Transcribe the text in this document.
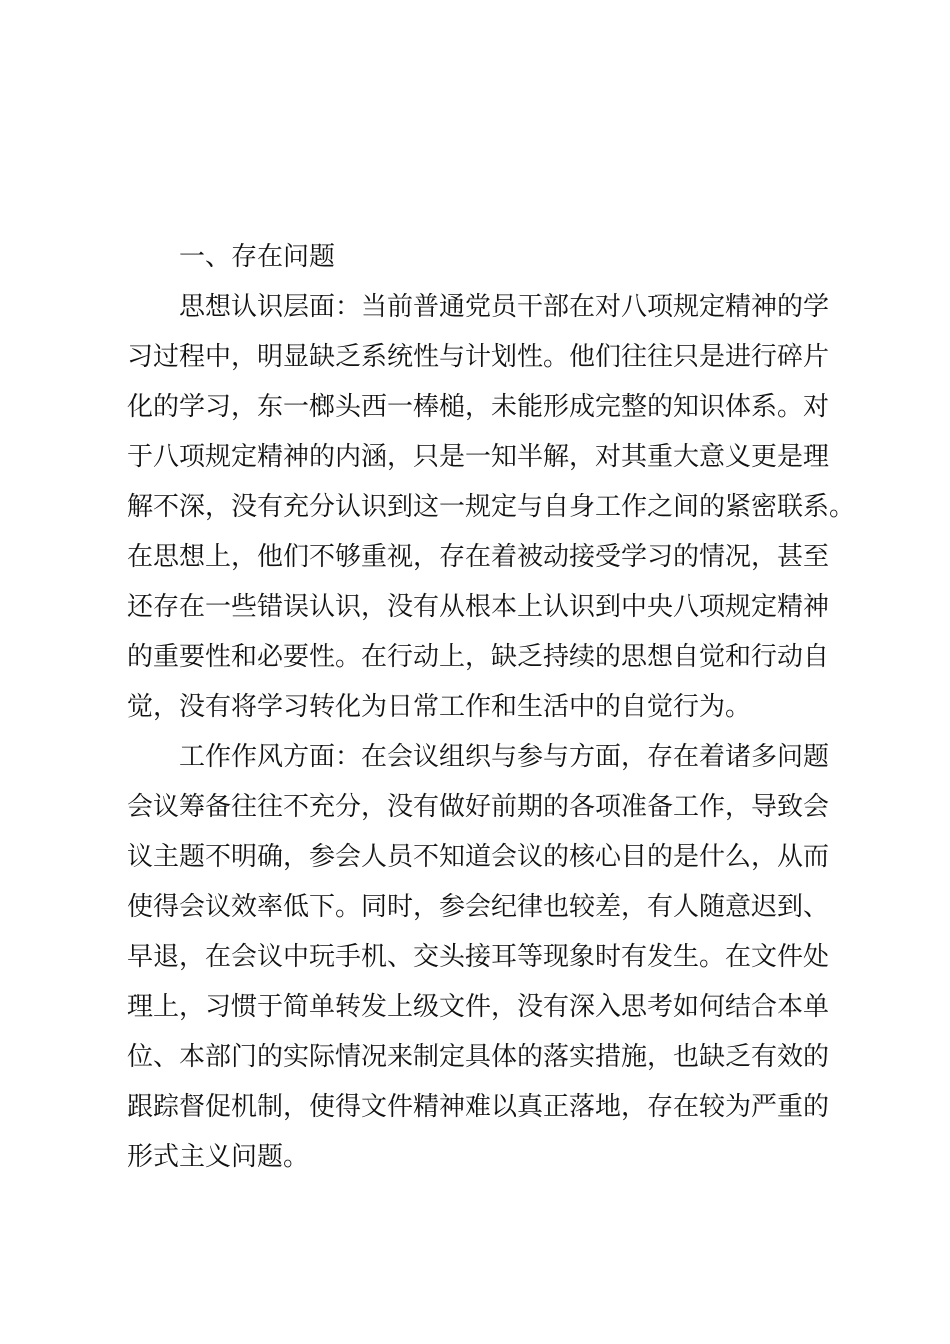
一、存在问题
思想认识层面：当前普通党员干部在对八项规定精神的学
习过程中，明显缺乏系统性与计划性。他们往往只是进行碎片
化的学习，东一榔头西一棒槌，未能形成完整的知识体系。对
于八项规定精神的内涵，只是一知半解，对其重大意义更是理
解不深，没有充分认识到这一规定与自身工作之间的紧密联系。
在思想上，他们不够重视，存在着被动接受学习的情况，甚至
还存在一些错误认识，没有从根本上认识到中央八项规定精神
的重要性和必要性。在行动上，缺乏持续的思想自觉和行动自
觉，没有将学习转化为日常工作和生活中的自觉行为。
工作作风方面：在会议组织与参与方面，存在着诸多问题
会议筹备往往不充分，没有做好前期的各项准备工作，导致会
议主题不明确，参会人员不知道会议的核心目的是什么，从而
使得会议效率低下。同时，参会纪律也较差，有人随意迟到、
早退，在会议中玩手机、交头接耳等现象时有发生。在文件处
理上，习惯于简单转发上级文件，没有深入思考如何结合本单
位、本部门的实际情况来制定具体的落实措施，也缺乏有效的
跟踪督促机制，使得文件精神难以真正落地，存在较为严重的
形式主义问题。
